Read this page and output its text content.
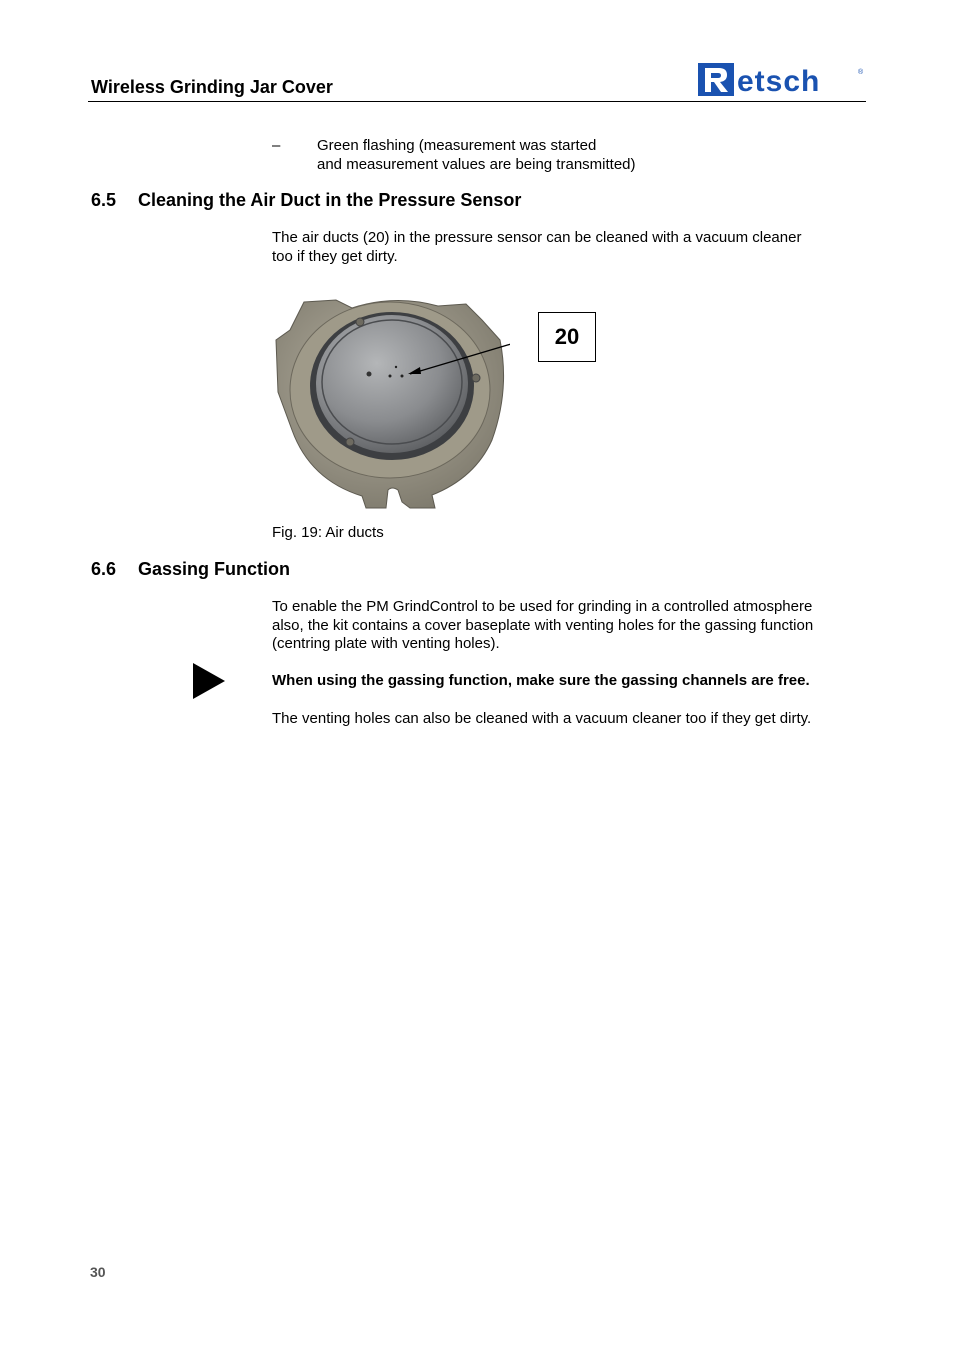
Wireless Grinding Jar Cover	etsch	®
– Green flashing (measurement was started
and measurement values are being transmitted)
6.5 Cleaning the Air Duct in the Pressure Sensor
The air ducts (20) in the pressure sensor can be cleaned with a vacuum cleaner
too if they get dirty.
20
Fig. 19: Air ducts
6.6 Gassing Function
To enable the PM GrindControl to be used for grinding in a controlled atmosphere
also, the kit contains a cover baseplate with venting holes for the gassing function
(centring plate with venting holes).
When using the gassing function, make sure the gassing channels are free.
The venting holes can also be cleaned with a vacuum cleaner too if they get dirty.
30
